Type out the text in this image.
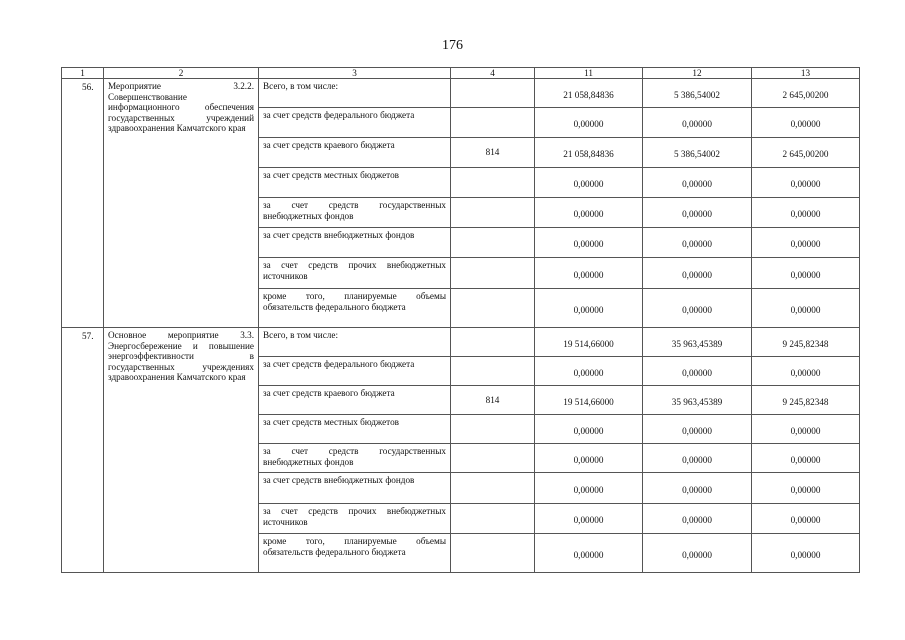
176
1	2	3	4	11	12	13
56.	Мероприятие 3.2.2. Совершенствование информационного обеспечения государственных учреждений здравоохранения Камчатского края	Всего, в том числе:		21 058,84836	5 386,54002	2 645,00200
		за счет средств федерального бюджета		0,00000	0,00000	0,00000
		за счет средств краевого бюджета	814	21 058,84836	5 386,54002	2 645,00200
		за счет средств местных бюджетов		0,00000	0,00000	0,00000
		за счет средств государственных внебюджетных фондов		0,00000	0,00000	0,00000
		за счет средств внебюджетных фондов		0,00000	0,00000	0,00000
		за счет средств прочих внебюджетных источников		0,00000	0,00000	0,00000
		кроме того, планируемые объемы обязательств федерального бюджета		0,00000	0,00000	0,00000
57.	Основное мероприятие 3.3. Энергосбережение и повышение энергоэффективности в государственных учреждениях здравоохранения Камчатского края	Всего, в том числе:		19 514,66000	35 963,45389	9 245,82348
		за счет средств федерального бюджета		0,00000	0,00000	0,00000
		за счет средств краевого бюджета	814	19 514,66000	35 963,45389	9 245,82348
		за счет средств местных бюджетов		0,00000	0,00000	0,00000
		за счет средств государственных внебюджетных фондов		0,00000	0,00000	0,00000
		за счет средств внебюджетных фондов		0,00000	0,00000	0,00000
		за счет средств прочих внебюджетных источников		0,00000	0,00000	0,00000
		кроме того, планируемые объемы обязательств федерального бюджета		0,00000	0,00000	0,00000
